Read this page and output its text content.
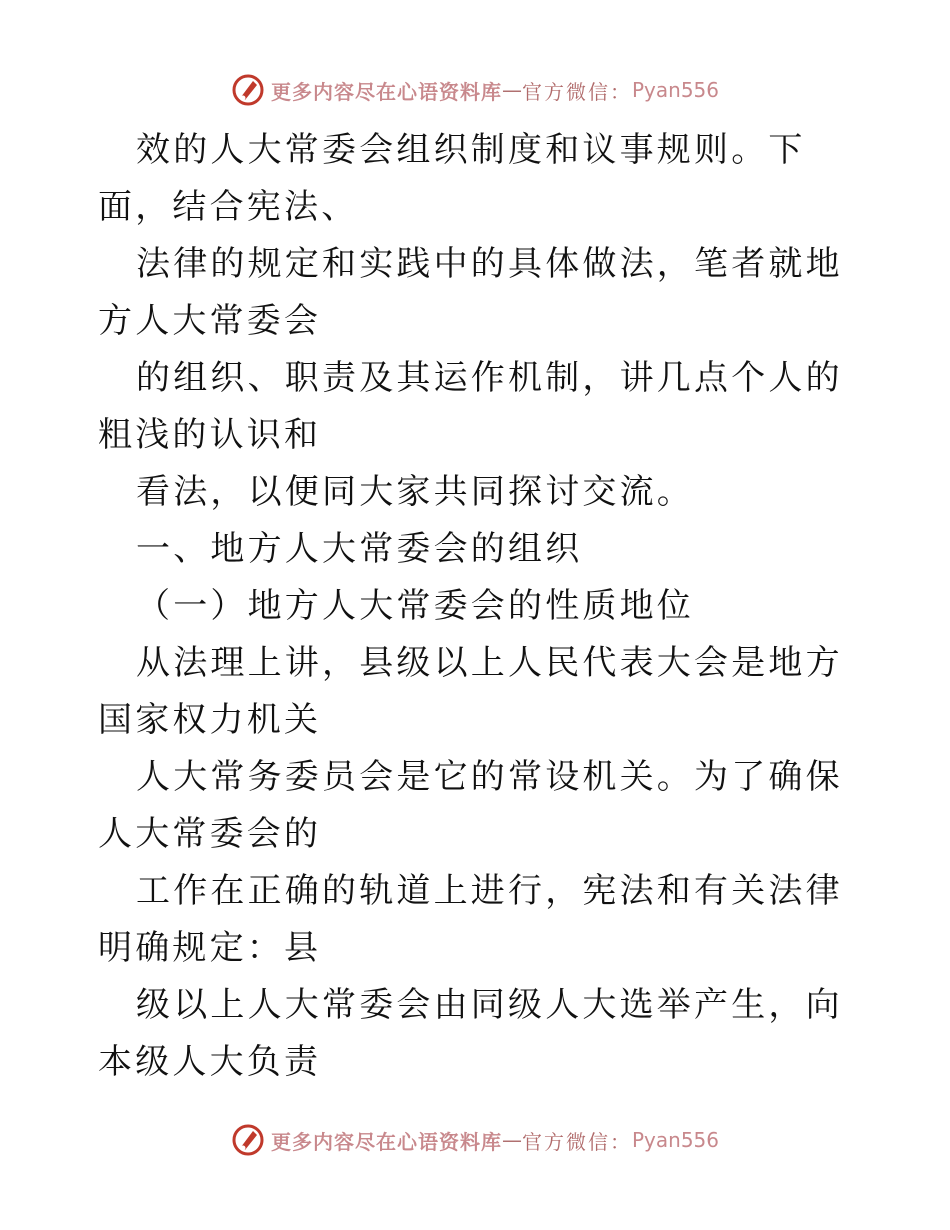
更多内容尽在心语资料库 — 官方微信： Pyan556

效的人大常委会组织制度和议事规则。下面，结合宪法、

法律的规定和实践中的具体做法，笔者就地方人大常委会

的组织、职责及其运作机制，讲几点个人的粗浅的认识和

看法，以便同大家共同探讨交流。

一、地方人大常委会的组织

（一）地方人大常委会的性质地位

从法理上讲，县级以上人民代表大会是地方国家权力机关

人大常务委员会是它的常设机关。为了确保人大常委会的

工作在正确的轨道上进行，宪法和有关法律明确规定：县

级以上人大常委会由同级人大选举产生，向本级人大负责

更多内容尽在心语资料库 — 官方微信： Pyan556
